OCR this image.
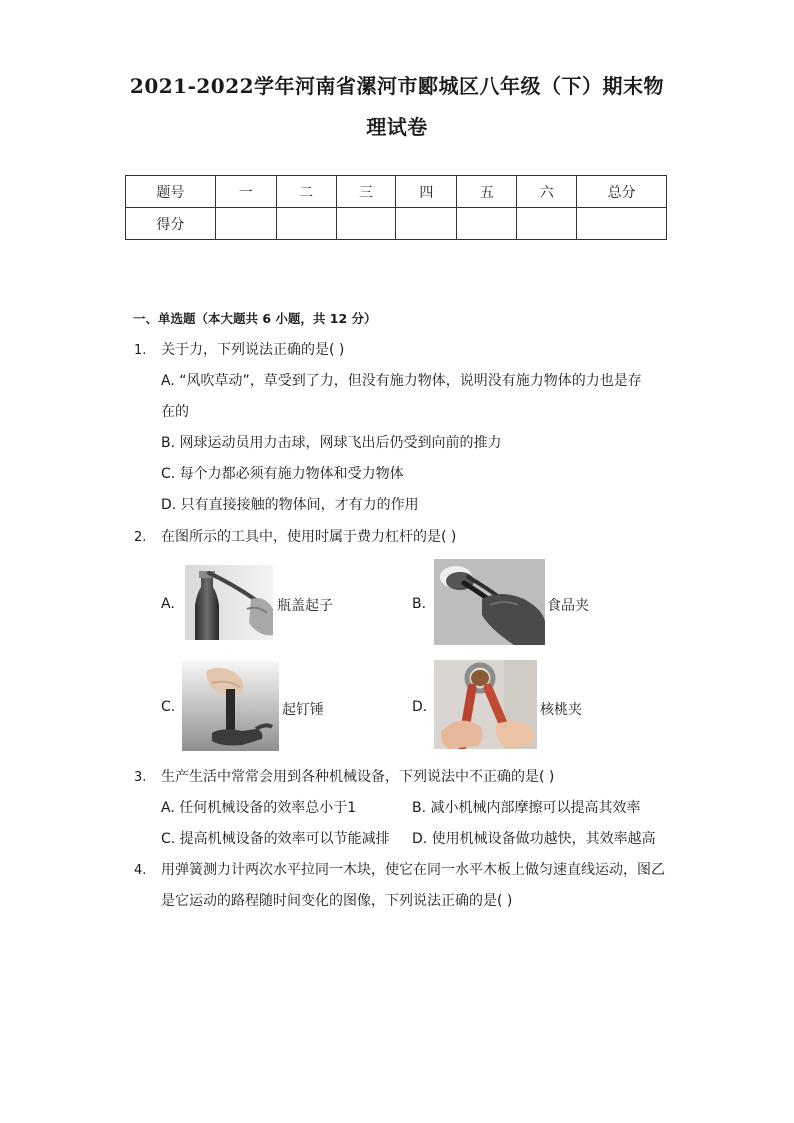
2021-2022学年河南省漯河市郾城区八年级（下）期末物
理试卷
题号	一	二	三	四	五	六	总分
得分							
一、单选题（本大题共 6 小题，共 12 分）
1. 关于力，下列说法正确的是( )
A. “风吹草动”，草受到了力，但没有施力物体，说明没有施力物体的力也是存
在的
B. 网球运动员用力击球，网球飞出后仍受到向前的推力
C. 每个力都必须有施力物体和受力物体
D. 只有直接接触的物体间，才有力的作用
2. 在图所示的工具中，使用时属于费力杠杆的是( )
A.	瓶盖起子	B.	食品夹
C.	起钉锤	D.	核桃夹
3. 生产生活中常常会用到各种机械设备，下列说法中不正确的是( )
A. 任何机械设备的效率总小于1	B. 减小机械内部摩擦可以提高其效率
C. 提高机械设备的效率可以节能减排 D. 使用机械设备做功越快，其效率越高
4. 用弹簧测力计两次水平拉同一木块，使它在同一水平木板上做匀速直线运动，图乙
是它运动的路程随时间变化的图像，下列说法正确的是( )
